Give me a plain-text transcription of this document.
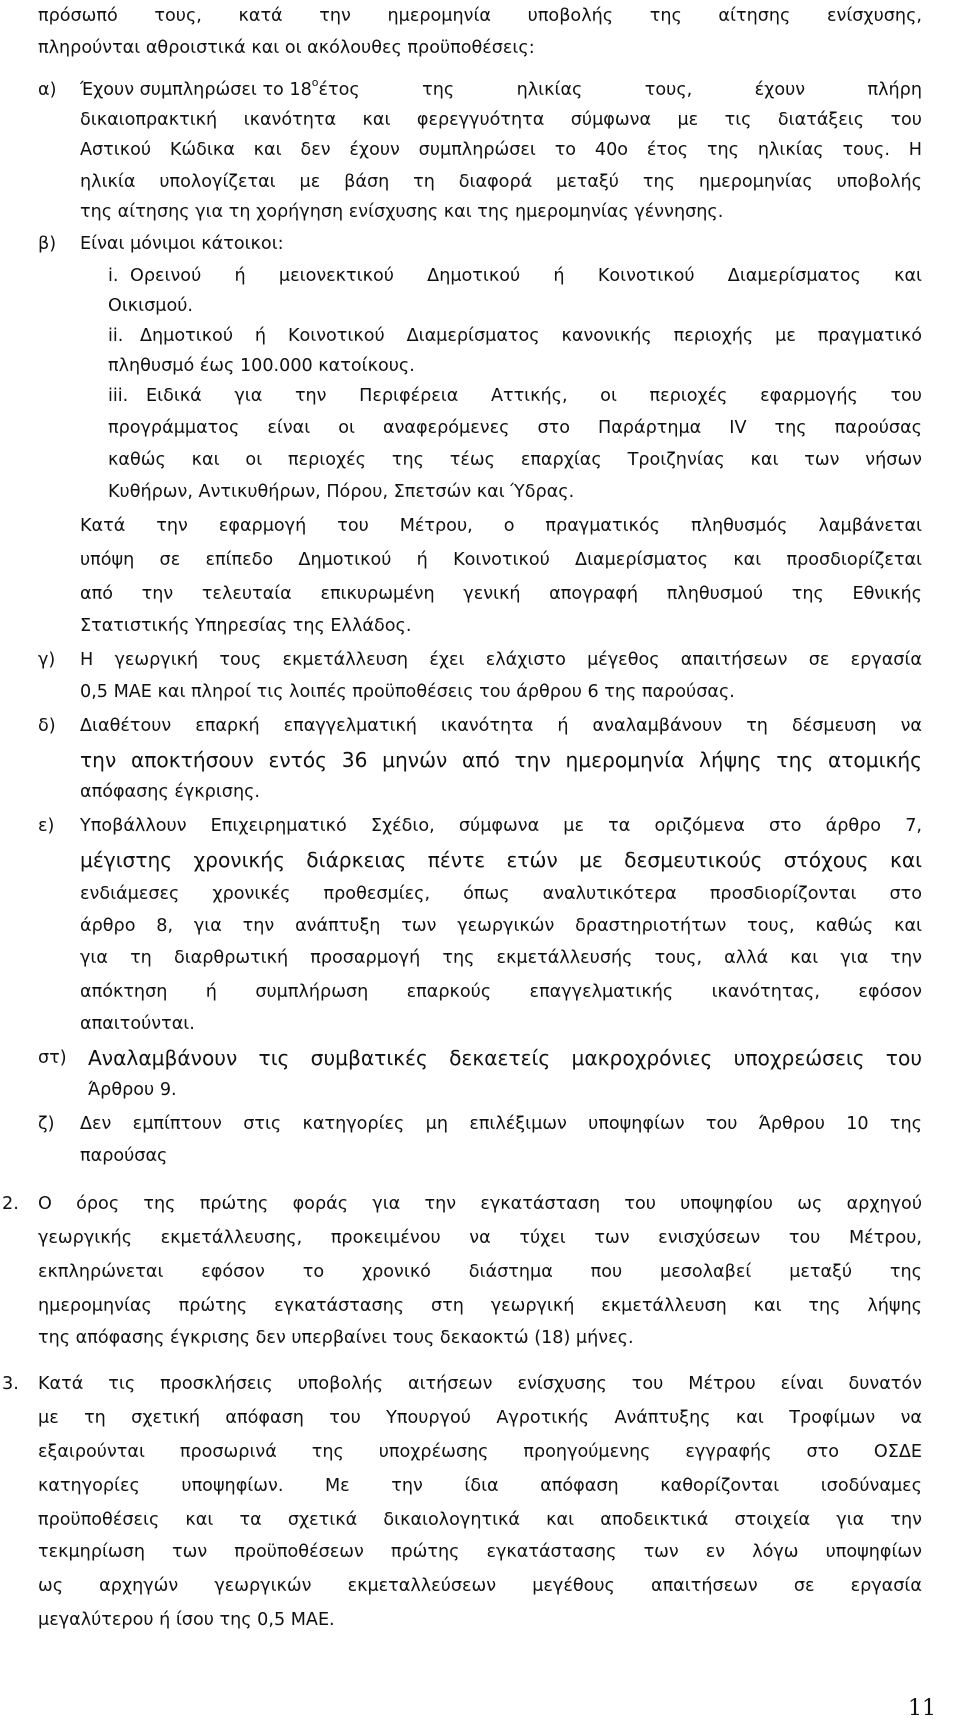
πρόσωπό τους, κατά την ημερομηνία υποβολής της αίτησης ενίσχυσης,
πληρούνται αθροιστικά και οι ακόλουθες προϋποθέσεις:
α) Έχουν συμπληρώσει το $18^o$ έτος της ηλικίας τους, έχουν πλήρη
δικαιοπρακτική ικανότητα και φερεγγυότητα σύμφωνα με τις διατάξεις του
Αστικού Κώδικα και δεν έχουν συμπληρώσει το 40ο έτος της ηλικίας τους. Η
ηλικία υπολογίζεται με βάση τη διαφορά μεταξύ της ημερομηνίας υποβολής
της αίτησης για τη χορήγηση ενίσχυσης και της ημερομηνίας γέννησης.
β) Είναι μόνιμοι κάτοικοι:
i. Ορεινού ή μειονεκτικού Δημοτικού ή Κοινοτικού Διαμερίσματος και
Οικισμού.
ii. Δημοτικού ή Κοινοτικού Διαμερίσματος κανονικής περιοχής με πραγματικό
πληθυσμό έως 100.000 κατοίκους.
iii. Ειδικά για την Περιφέρεια Αττικής, οι περιοχές εφαρμογής του
προγράμματος είναι οι αναφερόμενες στο Παράρτημα IV της παρούσας
καθώς και οι περιοχές της τέως επαρχίας Τροιζηνίας και των νήσων
Κυθήρων, Αντικυθήρων, Πόρου, Σπετσών και Ύδρας.
Κατά την εφαρμογή του Μέτρου, ο πραγματικός πληθυσμός λαμβάνεται
υπόψη σε επίπεδο Δημοτικού ή Κοινοτικού Διαμερίσματος και προσδιορίζεται
από την τελευταία επικυρωμένη γενική απογραφή πληθυσμού της Εθνικής
Στατιστικής Υπηρεσίας της Ελλάδος.
γ) Η γεωργική τους εκμετάλλευση έχει ελάχιστο μέγεθος απαιτήσεων σε εργασία
0,5 ΜΑΕ και πληροί τις λοιπές προϋποθέσεις του άρθρου 6 της παρούσας.
δ) Διαθέτουν επαρκή επαγγελματική ικανότητα ή αναλαμβάνουν τη δέσμευση να
την αποκτήσουν εντός 36 μηνών από την ημερομηνία λήψης της ατομικής
απόφασης έγκρισης.
ε) Υποβάλλουν Επιχειρηματικό Σχέδιο, σύμφωνα με τα οριζόμενα στο άρθρο 7,
μέγιστης χρονικής διάρκειας πέντε ετών με δεσμευτικούς στόχους και
ενδιάμεσες χρονικές προθεσμίες, όπως αναλυτικότερα προσδιορίζονται στο
άρθρο 8, για την ανάπτυξη των γεωργικών δραστηριοτήτων τους, καθώς και
για τη διαρθρωτική προσαρμογή της εκμετάλλευσής τους, αλλά και για την
απόκτηση ή συμπλήρωση επαρκούς επαγγελματικής ικανότητας, εφόσον
απαιτούνται.
στ) Αναλαμβάνουν τις συμβατικές δεκαετείς μακροχρόνιες υποχρεώσεις του
Άρθρου 9.
ζ) Δεν εμπίπτουν στις κατηγορίες μη επιλέξιμων υποψηφίων του Άρθρου 10 της
παρούσας
2. Ο όρος της πρώτης φοράς για την εγκατάσταση του υποψηφίου ως αρχηγού
γεωργικής εκμετάλλευσης, προκειμένου να τύχει των ενισχύσεων του Μέτρου,
εκπληρώνεται εφόσον το χρονικό διάστημα που μεσολαβεί μεταξύ της
ημερομηνίας πρώτης εγκατάστασης στη γεωργική εκμετάλλευση και της λήψης
της απόφασης έγκρισης δεν υπερβαίνει τους δεκαοκτώ (18) μήνες.
3. Κατά τις προσκλήσεις υποβολής αιτήσεων ενίσχυσης του Μέτρου είναι δυνατόν
με τη σχετική απόφαση του Υπουργού Αγροτικής Ανάπτυξης και Τροφίμων να
εξαιρούνται προσωρινά της υποχρέωσης προηγούμενης εγγραφής στο ΟΣΔΕ
κατηγορίες υποψηφίων. Με την ίδια απόφαση καθορίζονται ισοδύναμες
προϋποθέσεις και τα σχετικά δικαιολογητικά και αποδεικτικά στοιχεία για την
τεκμηρίωση των προϋποθέσεων πρώτης εγκατάστασης των εν λόγω υποψηφίων
ως αρχηγών γεωργικών εκμεταλλεύσεων μεγέθους απαιτήσεων σε εργασία
μεγαλύτερου ή ίσου της 0,5 ΜΑΕ.
11
